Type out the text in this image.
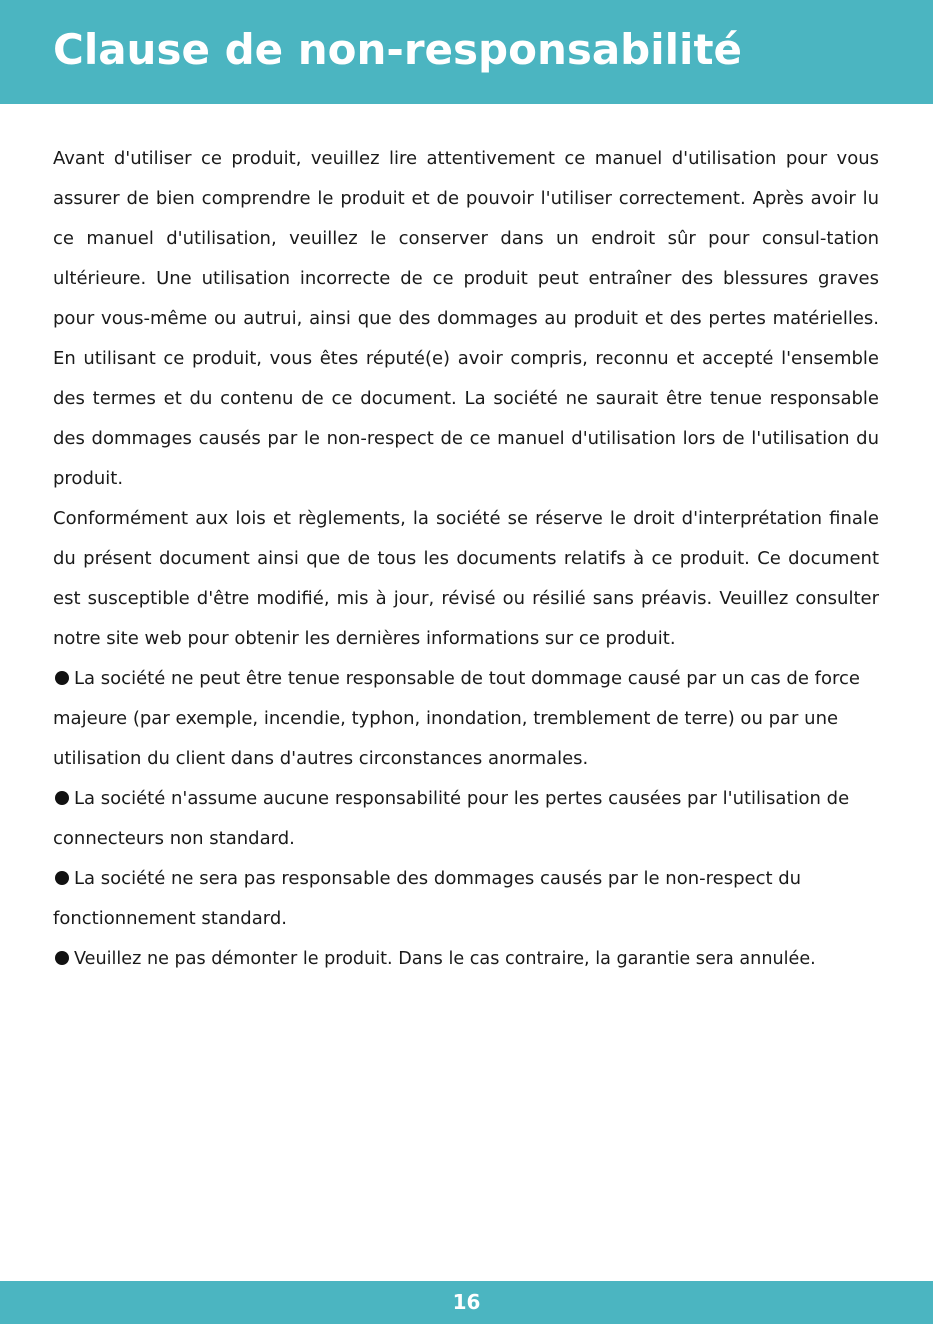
Clause de non-responsabilité

Avant d'utiliser ce produit, veuillez lire attentivement ce manuel d'utilisation pour vous assurer de bien comprendre le produit et de pouvoir l'utiliser correctement. Après avoir lu ce manuel d'utilisation, veuillez le conserver dans un endroit sûr pour consul-tation ultérieure. Une utilisation incorrecte de ce produit peut entraîner des blessures graves pour vous-même ou autrui, ainsi que des dommages au produit et des pertes matérielles. En utilisant ce produit, vous êtes réputé(e) avoir compris, reconnu et accepté l'ensemble des termes et du contenu de ce document. La société ne saurait être tenue responsable des dommages causés par le non-respect de ce manuel d'utilisation lors de l'utilisation du produit.

Conformément aux lois et règlements, la société se réserve le droit d'interprétation finale du présent document ainsi que de tous les documents relatifs à ce produit. Ce document est susceptible d'être modifié, mis à jour, révisé ou résilié sans préavis. Veuillez consulter notre site web pour obtenir les dernières informations sur ce produit.

La société ne peut être tenue responsable de tout dommage causé par un cas de force majeure (par exemple, incendie, typhon, inondation, tremblement de terre) ou par une utilisation du client dans d'autres circonstances anormales.

La société n'assume aucune responsabilité pour les pertes causées par l'utilisation de connecteurs non standard.

La société ne sera pas responsable des dommages causés par le non-respect du fonctionnement standard.

Veuillez ne pas démonter le produit. Dans le cas contraire, la garantie sera annulée.

16
